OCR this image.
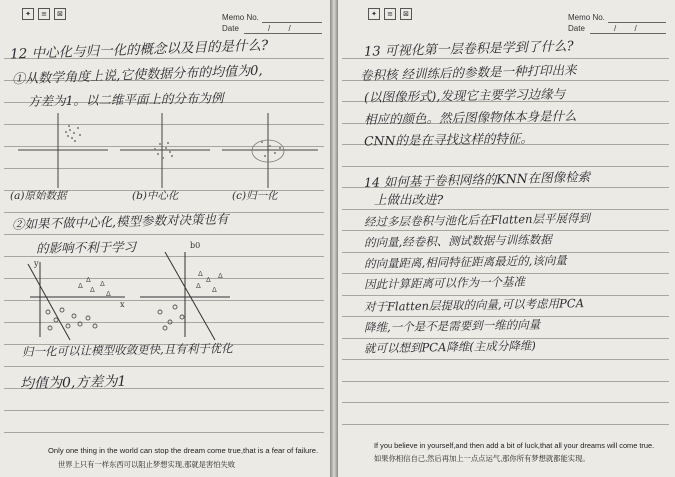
✦	≡	⊠	Memo No.
Date	/ /
12 中心化与归一化的概念以及目的是什么?
①从数学角度上说,它使数据分布的均值为0,
方差为1。以二维平面上的分布为例
(a)原始数据	(b)中心化	(c)归一化
②如果不做中心化,模型参数对决策也有
的影响不利于学习
Δ Δ
Δ
Δ
Δ
Δ
Δ
Δ
Δ Δ
y
x
b0
归一化可以让模型收敛更快,且有利于优化
均值为0,方差为1
Only one thing in the world can stop the dream come true,that is a fear of failure.
世界上只有一样东西可以阻止梦想实现,那就是害怕失败
✦	≡	⊠	Memo No.
Date	/ /
13 可视化第一层卷积是学到了什么?
卷积核 经训练后的参数是一种打印出来
(以图像形式),发现它主要学习边缘与
相应的颜色。然后图像物体本身是什么
CNN的是在寻找这样的特征。
14 如何基于卷积网络的KNN在图像检索
上做出改进?
经过多层卷积与池化后在Flatten层平展得到
的向量,经卷积、测试数据与训练数据
的向量距离,相同特征距离最近的,该向量
因此计算距离可以作为一个基准
对于Flatten层提取的向量,可以考虑用PCA
降维,一个是不是需要到一维的向量
就可以想到PCA降维(主成分降维)
If you believe in yourself,and then add a bit of luck,that all your dreams will come true.
如果你相信自己,然后再加上一点点运气,那你所有梦想就都能实现。
